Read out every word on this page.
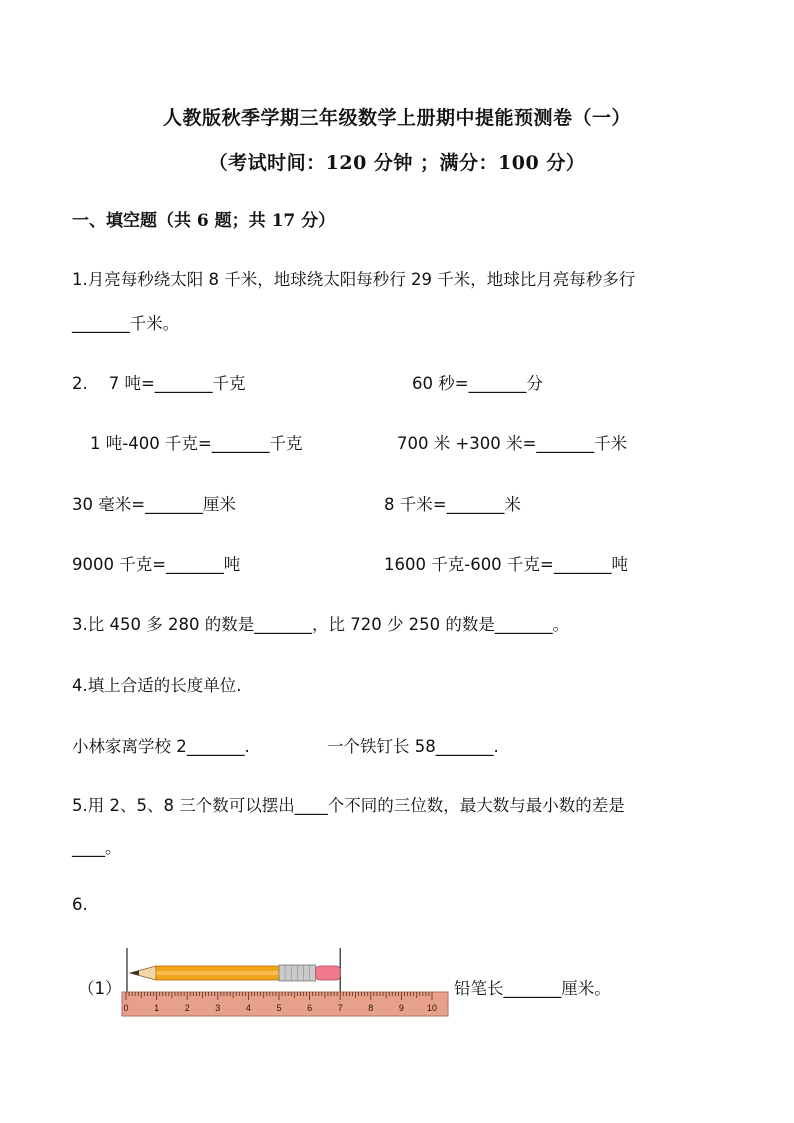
人教版秋季学期三年级数学上册期中提能预测卷（一）
（考试时间：120 分钟 ；满分：100 分）
一、填空题（共 6 题；共 17 分）
1.月亮每秒绕太阳 8 千米，地球绕太阳每秒行 29 千米，地球比月亮每秒多行
_______千米。
2.    7 吨=_______千克	60 秒=_______分
1 吨-400 千克=_______千克	700 米 +300 米=_______千米
30 毫米=_______厘米	8 千米=_______米
9000 千克=_______吨	1600 千克-600 千克=_______吨
3.比 450 多 280 的数是_______，比 720 少 250 的数是_______。
4.填上合适的长度单位.
小林家离学校 2_______.	一个铁钉长 58_______.
5.用 2、5、8 三个数可以摆出____个不同的三位数，最大数与最小数的差是
____。
6.
（1）	铅笔长_______厘米。
0	1	2	3	4	5	6	7	8	9	10
